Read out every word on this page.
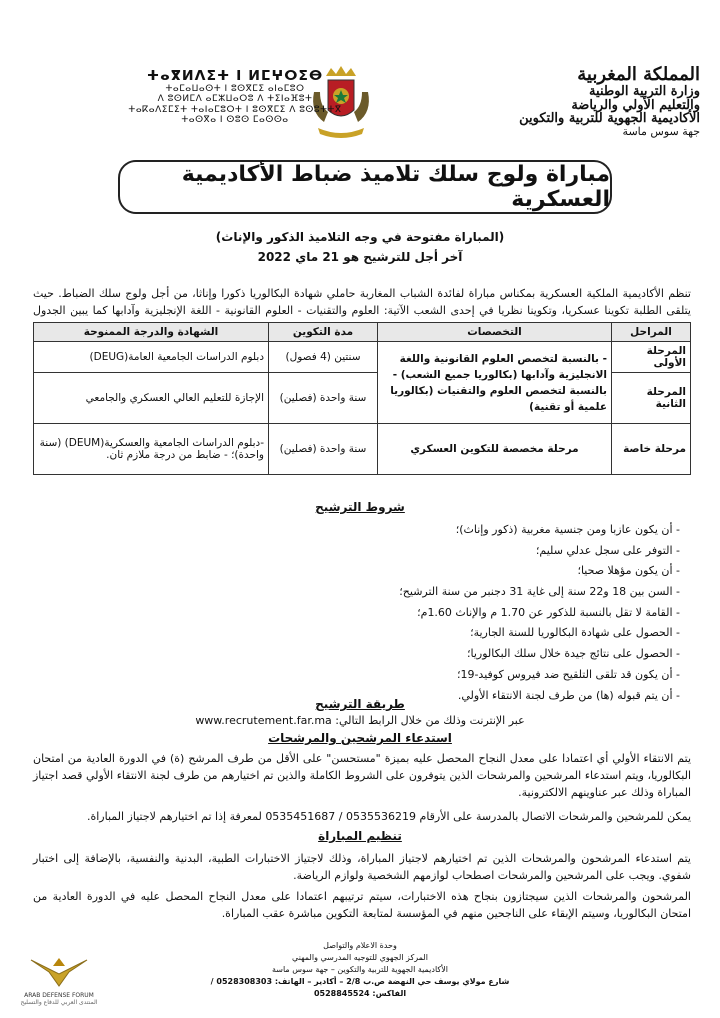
المملكة المغربية
وزارة التربية الوطنية
والتعليم الأولي والرياضة
الأكاديمية الجهوية للتربية والتكوين
جهة سوس ماسة
ⵜⴰⴳⵍⴷⵉⵜ ⵏ ⵍⵎⵖⵔⵉⴱ
ⵜⴰⵎⴰⵡⴰⵙⵜ ⵏ ⵓⵙⴳⵎⵉ ⴰⵏⴰⵎⵓⵔ
ⴷ ⵓⵙⵍⵎⴷ ⴰⵎⵣⵡⴰⵔⵓ ⴷ ⵜⵉⵏⴰⴼⵓⵜ
ⵜⴰⴽⴰⴷⵉⵎⵉⵜ ⵜⴰⵏⴰⵎⵓⵔⵜ ⵏ ⵓⵙⴳⵎⵉ ⴷ ⵓⵙⵓⵜⵜⴳ
ⵜⴰⵙⴳⴰ ⵏ ⵙⵓⵙ ⵎⴰⵙⵙⴰ
مباراة ولوج سلك تلاميذ ضباط الأكاديمية العسكرية
(المباراة مفتوحة في وجه التلاميذ الذكور والإناث)
آخر أجل للترشيح هو 21 ماي 2022
تنظم الأكاديمية الملكية العسكرية بمكناس مباراة لفائدة الشباب المغاربة حاملي شهادة البكالوريا ذكورا وإناثا، من أجل ولوج سلك الضباط. حيث يتلقى الطلبة تكوينا عسكريا، وتكوينا نظريا في إحدى الشعب الآتية: العلوم والتقنيات - العلوم القانونية - اللغة الإنجليزية وآدابها كما يبين الجدول
المراحل	التخصصات	مدة التكوين	الشهادة والدرجة الممنوحة
المرحلة الأولى	- بالنسبة لتخصص العلوم القانونية واللغة الانجليزية وآدابها (بكالوريا جميع الشعب) - بالنسبة لتخصص العلوم والتقنيات (بكالوريا علمية أو تقنية)	سنتين (4 فصول)	دبلوم الدراسات الجامعية العامة(DEUG)
المرحلة الثانية		سنة واحدة (فصلين)	الإجازة للتعليم العالي العسكري والجامعي
مرحلة خاصة	مرحلة مخصصة للتكوين العسكري	سنة واحدة (فصلين)	-دبلوم الدراسات الجامعية والعسكرية(DEUM) (سنة واحدة)؛ - ضابط من درجة ملازم ثان.
شروط الترشيح
- أن يكون عازبا ومن جنسية مغربية (ذكور وإناث)؛
- التوفر على سجل عدلي سليم؛
- أن يكون مؤهلا صحيا؛
- السن بين 18 و22 سنة إلى غاية 31 دجنبر من سنة الترشيح؛
- القامة لا تقل بالنسبة للذكور عن 1.70 م والإناث 1.60م؛
- الحصول على شهادة البكالوريا للسنة الجارية؛
- الحصول على نتائج جيدة خلال سلك البكالوريا؛
- أن يكون قد تلقى التلقيح ضد فيروس كوفيد-19؛
- أن يتم قبوله (ها) من طرف لجنة الانتقاء الأولي.
طريقة الترشيح
عبر الإنترنت وذلك من خلال الرابط التالي: www.recrutement.far.ma
استدعاء المرشحين والمرشحات
يتم الانتقاء الأولي أي اعتمادا على معدل النجاح المحصل عليه بميزة "مستحسن" على الأقل من طرف المرشح (ة) في الدورة العادية من امتحان البكالوريا، ويتم استدعاء المرشحين والمرشحات الذين يتوفرون على الشروط الكاملة والذين تم اختيارهم من طرف لجنة الانتقاء الأولي قصد اجتياز المباراة وذلك عبر عناوينهم الالكترونية.
يمكن للمرشحين والمرشحات الاتصال بالمدرسة على الأرقام 0535536219 / 0535451687 لمعرفة إذا تم اختيارهم لاجتياز المباراة.
تنظيم المباراة
يتم استدعاء المرشحون والمرشحات الذين تم اختيارهم لاجتياز المباراة، وذلك لاجتياز الاختبارات الطبية، البدنية والنفسية، بالإضافة إلى اختبار شفوي. ويجب على المرشحين والمرشحات اصطحاب لوازمهم الشخصية ولوازم الرياضة.
المرشحون والمرشحات الذين سيجتازون بنجاح هذه الاختبارات، سيتم ترتيبهم اعتمادا على معدل النجاح المحصل عليه في الدورة العادية من امتحان البكالوريا، وسيتم الإبقاء على الناجحين منهم في المؤسسة لمتابعة التكوين مباشرة عقب المباراة.
وحدة الاعلام والتواصل
المركز الجهوي للتوجيه المدرسي والمهني
الأكاديمية الجهوية للتربية والتكوين – جهة سوس ماسة
شارع مولاي يوسف حي النهضة ص.ب 2/8 – أكادير – الهاتف: 0528308303 / الفاكس: 0528845524
ARAB DEFENSE FORUM
المنتدى العربي للدفاع والتسليح
